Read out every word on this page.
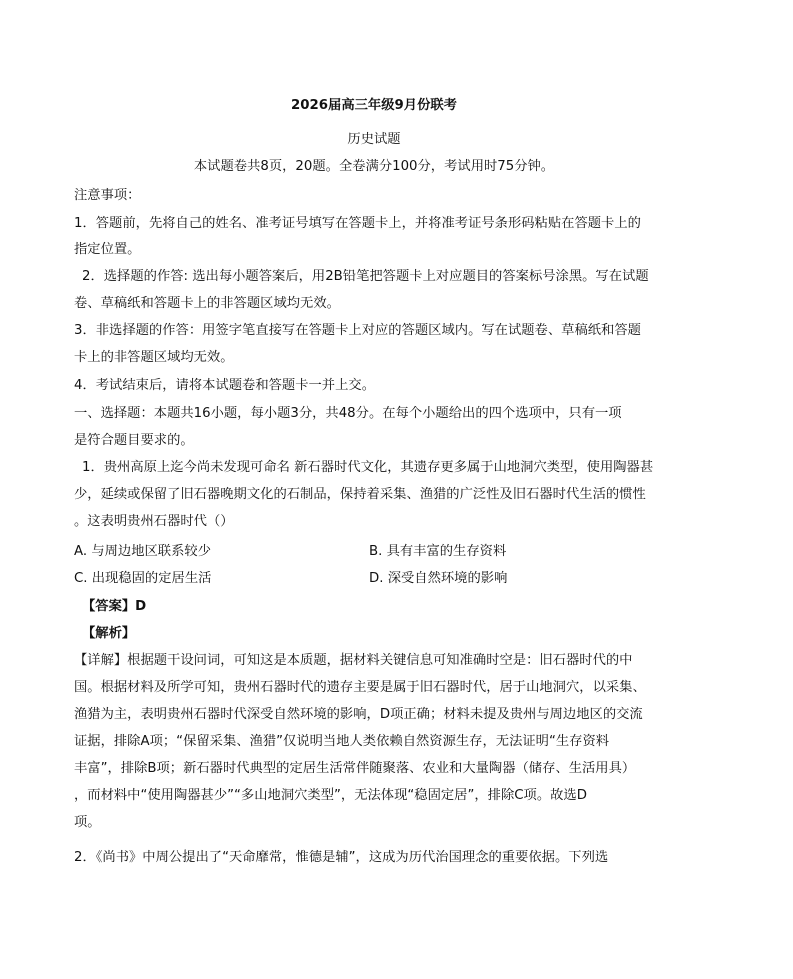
2026届高三年级9月份联考
历史试题
本试题卷共8页，20题。全卷满分100分，考试用时75分钟。
注意事项：
1．答题前，先将自己的姓名、准考证号填写在答题卡上，并将准考证号条形码粘贴在答题卡上的
指定位置。
2．选择题的作答: 选出每小题答案后，用2B铅笔把答题卡上对应题目的答案标号涂黑。写在试题
卷、草稿纸和答题卡上的非答题区域均无效。
3．非选择题的作答：用签字笔直接写在答题卡上对应的答题区域内。写在试题卷、草稿纸和答题
卡上的非答题区域均无效。
4．考试结束后，请将本试题卷和答题卡一并上交。
一、选择题：本题共16小题，每小题3分，共48分。在每个小题给出的四个选项中，只有一项
是符合题目要求的。
1．贵州高原上迄今尚未发现可命名 新石器时代文化，其遗存更多属于山地洞穴类型，使用陶器甚
少，延续或保留了旧石器晚期文化的石制品，保持着采集、渔猎的广泛性及旧石器时代生活的惯性
。这表明贵州石器时代（）
A. 与周边地区联系较少	B. 具有丰富的生存资料
C. 出现稳固的定居生活	D. 深受自然环境的影响
【答案】D
【解析】
【详解】根据题干设问词，可知这是本质题，据材料关键信息可知准确时空是：旧石器时代的中
国。根据材料及所学可知，贵州石器时代的遗存主要是属于旧石器时代，居于山地洞穴，以采集、
渔猎为主，表明贵州石器时代深受自然环境的影响，D项正确；材料未提及贵州与周边地区的交流
证据，排除A项；“保留采集、渔猎”仅说明当地人类依赖自然资源生存，无法证明“生存资料
丰富”，排除B项；新石器时代典型的定居生活常伴随聚落、农业和大量陶器（储存、生活用具）
，而材料中“使用陶器甚少”“多山地洞穴类型”，无法体现“稳固定居”，排除C项。故选D
项。
2．《尚书》中周公提出了“天命靡常，惟德是辅”，这成为历代治国理念的重要依据。下列选
